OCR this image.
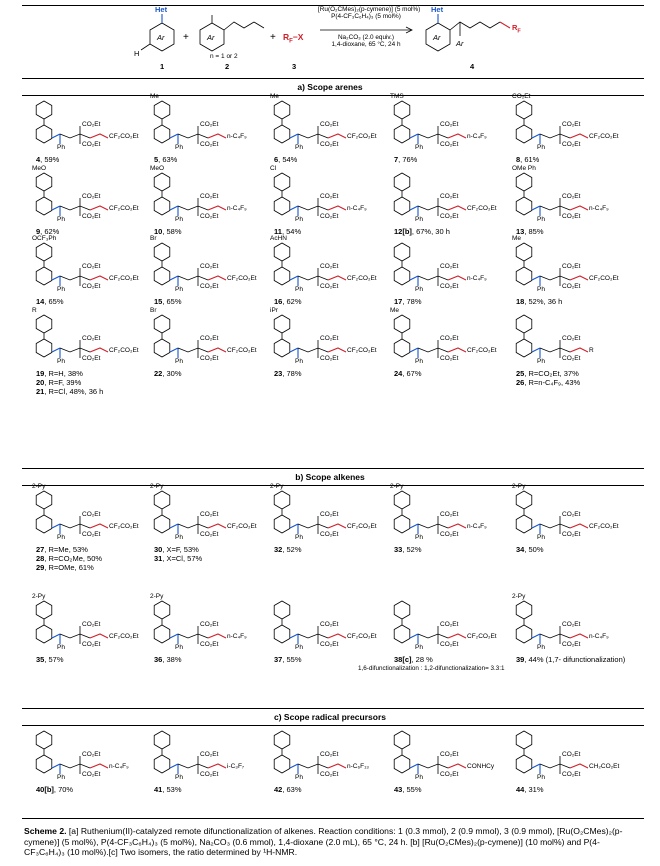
Het
Ar
H
1
+ Ar
n = 1 or 2
2
+ $R_F-X$
3
[Ru(O₂CMes)₂(p-cymene)] (5 mol%)
P(4-CF₃C₆H₄)₃ (5 mol%)
Na₂CO₃ (2.0 equiv.)
1,4-dioxane, 65 °C, 24 h
Het
Ar
Ar
$R_F$
4
a) Scope arenes
Ph
CO₂Et
CO₂Et
CF₂CO₂Et
4, 59%
Me
Ph
CO₂Et
CO₂Et
n-C₄F₉
5, 63%
Me
Ph
CO₂Et
CO₂Et
CF₂CO₂Et
6, 54%
TMS
Ph
CO₂Et
CO₂Et
n-C₄F₉
7, 76%
CO₂Et
Ph
CO₂Et
CO₂Et
CF₂CO₂Et
8, 61%
MeO
Ph
CO₂Et
CO₂Et
CF₂CO₂Et
9, 62%
MeO
Ph
CO₂Et
CO₂Et
n-C₄F₉
10, 58%
Cl
Ph
CO₂Et
CO₂Et
n-C₄F₉
11, 54%
Ph
CO₂Et
CO₂Et
CF₂CO₂Et
12[b], 67%, 30 h
OMe Ph
Ph
CO₂Et
CO₂Et
n-C₄F₉
13, 85%
OCF₃Ph
Ph
CO₂Et
CO₂Et
CF₂CO₂Et
14, 65%
Br
Ph
CO₂Et
CO₂Et
CF₂CO₂Et
15, 65%
AcHN
Ph
CO₂Et
CO₂Et
CF₂CO₂Et
16, 62%
Ph
CO₂Et
CO₂Et
n-C₄F₉
17, 78%
Me
Ph
CO₂Et
CO₂Et
CF₂CO₂Et
18, 52%, 36 h
R
Ph
CO₂Et
CO₂Et
CF₂CO₂Et
19, R=H, 38%
20, R=F, 39%
21, R=Cl, 48%, 36 h
Br
Ph
CO₂Et
CO₂Et
CF₂CO₂Et
22, 30%
iPr
Ph
CO₂Et
CO₂Et
CF₂CO₂Et
23, 78%
Me
Ph
CO₂Et
CO₂Et
CF₂CO₂Et
24, 67%
Ph
CO₂Et
CO₂Et
R
25, R=CO₂Et, 37%
26, R=n-C₄F₉, 43%
2-Py
Ph
CO₂Et
CO₂Et
CF₂CO₂Et
27, R=Me, 53%
28, R=CO₂Me, 50%
29, R=OMe, 61%
2-Py
Ph
CO₂Et
CO₂Et
CF₂CO₂Et
30, X=F, 53%
31, X=Cl, 57%
2-Py
Ph
CO₂Et
CO₂Et
CF₂CO₂Et
32, 52%
2-Py
Ph
CO₂Et
CO₂Et
n-C₄F₉
33, 52%
2-Py
Ph
CO₂Et
CO₂Et
CF₂CO₂Et
34, 50%
2-Py
Ph
CO₂Et
CO₂Et
CF₂CO₂Et
35, 57%
2-Py
Ph
CO₂Et
CO₂Et
n-C₄F₉
36, 38%
Ph
CO₂Et
CO₂Et
CF₂CO₂Et
37, 55%
Ph
CO₂Et
CO₂Et
CF₂CO₂Et
38[c], 28 %
1,6-difunctionalization : 1,2-difunctionalization= 3.3:1
2-Py
Ph
CO₂Et
CO₂Et
n-C₄F₉
39, 44% (1,7- difunctionalization)
Ph
CO₂Et
CO₂Et
n-C₄F₉
40[b], 70%
Ph
CO₂Et
CO₂Et
i-C₃F₇
41, 53%
Ph
CO₂Et
CO₂Et
n-C₆F₁₃
42, 63%
Ph
CO₂Et
CO₂Et
CONHCy
43, 55%
Ph
CO₂Et
CO₂Et
CH₂CO₂Et
44, 31%
b) Scope alkenes
c) Scope radical precursors
Scheme 2. [a] Ruthenium(II)-catalyzed remote difunctionalization of alkenes. Reaction conditions: 1 (0.3 mmol), 2 (0.9 mmol), 3 (0.9 mmol), [Ru(O₂CMes)₂(p-cymene)] (5 mol%), P(4-CF₃C₆H₄)₃ (5 mol%), Na₂CO₃ (0.6 mmol), 1,4-dioxane (2.0 mL), 65 °C, 24 h. [b] [Ru(O₂CMes)₂(p-cymene)] (10 mol%) and P(4-CF₃C₆H₄)₃ (10 mol%).[c] Two isomers, the ratio determined by ¹H-NMR.
